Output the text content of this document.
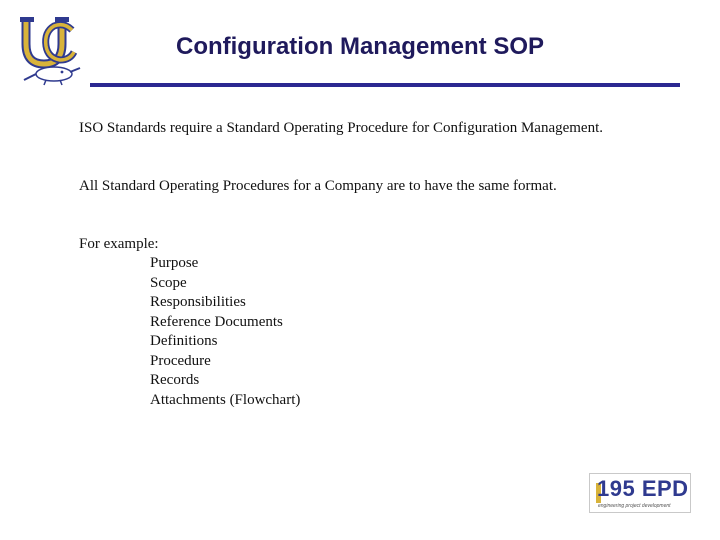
Configuration Management SOP

ISO Standards require a Standard Operating Procedure for Configuration Management.

All Standard Operating Procedures for a Company are to have the same format.

For example:

Purpose
Scope
Responsibilities
Reference Documents
Definitions
Procedure
Records
Attachments (Flowchart)
195 EPD
engineering project development
